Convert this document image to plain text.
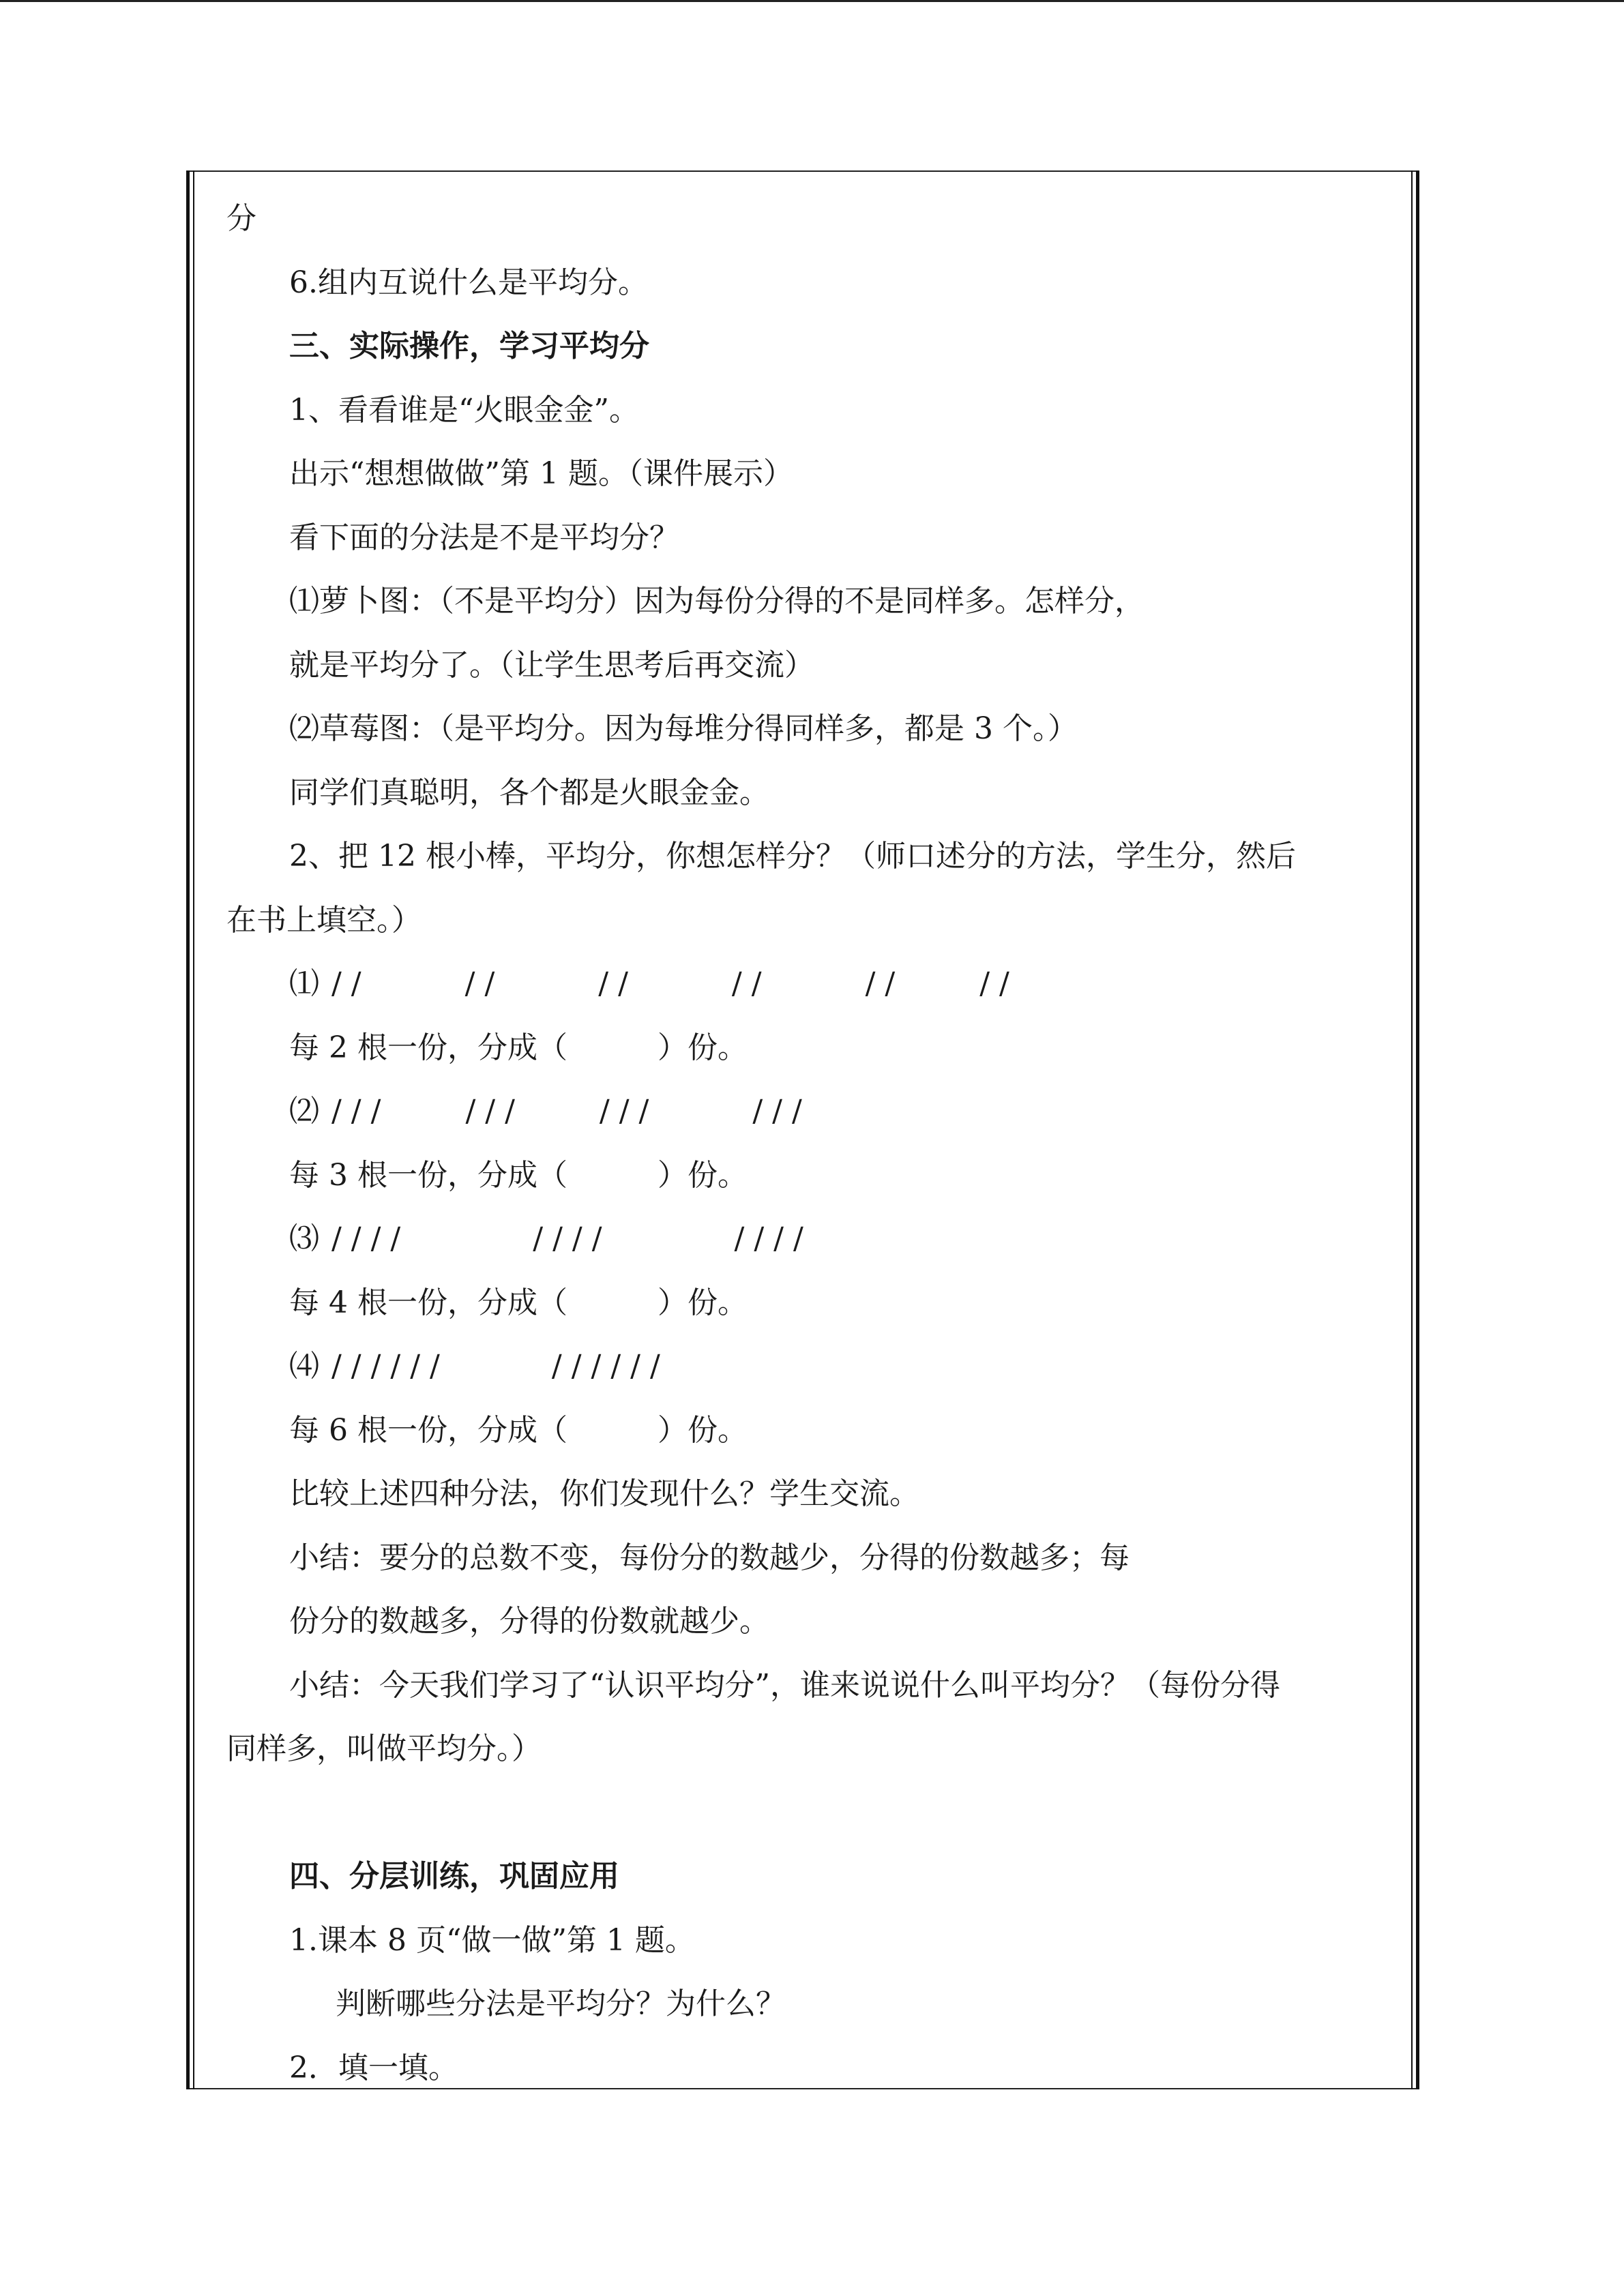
分
6.组内互说什么是平均分。
三、实际操作，学习平均分
1、看看谁是“火眼金金”。
出示“想想做做”第 1 题。（课件展示）
看下面的分法是不是平均分？
⑴萝卜图：（不是平均分）因为每份分得的不是同样多。怎样分，
就是平均分了。（让学生思考后再交流）
⑵草莓图：（是平均分。因为每堆分得同样多，都是 3 个。）
同学们真聪明，各个都是火眼金金。
2、把 12 根小棒，平均分，你想怎样分？（师口述分的方法，学生分，然后
在书上填空。）
⑴ / /	/ /	/ /	/ /	/ /	/ /
每 2 根一份，分成（　　　）份。
⑵ / / /	/ / /	/ / /	/ / /
每 3 根一份，分成（　　　）份。
⑶ / / / /	/ / / /	/ / / /
每 4 根一份，分成（　　　）份。
⑷ / / / / / /	/ / / / / /
每 6 根一份，分成（　　　）份。
比较上述四种分法，你们发现什么？学生交流。
小结：要分的总数不变，每份分的数越少，分得的份数越多；每
份分的数越多，分得的份数就越少。
小结：今天我们学习了“认识平均分”，谁来说说什么叫平均分？（每份分得
同样多，叫做平均分。）
四、分层训练，巩固应用
1.课本 8 页“做一做”第 1 题。
判断哪些分法是平均分？为什么？
2．填一填。
